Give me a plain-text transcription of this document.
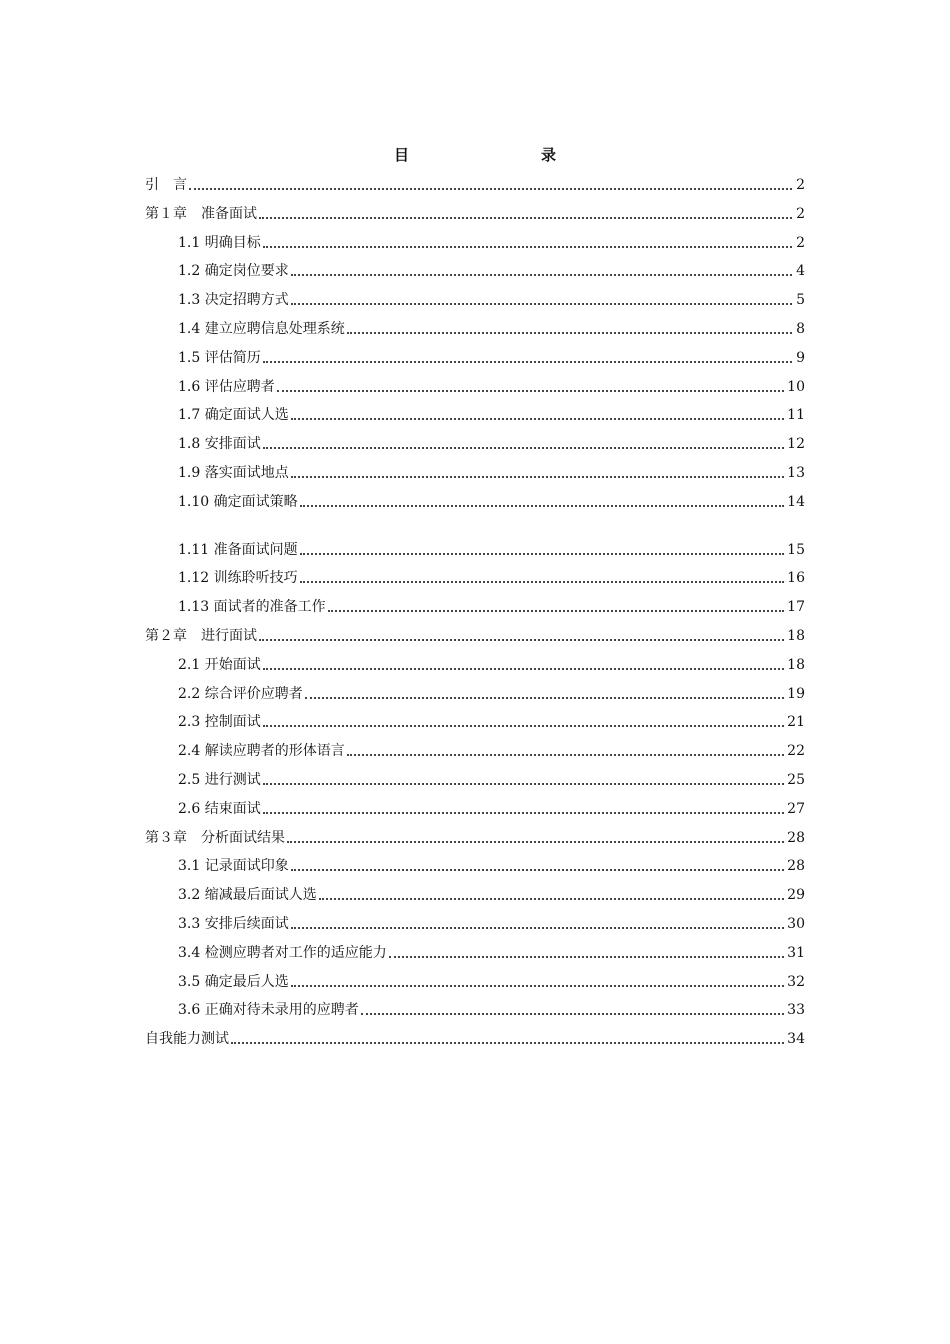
目　　录
引　言	2
第１章　准备面试	2
1.1 明确目标	2
1.2 确定岗位要求	4
1.3 决定招聘方式	5
1.4 建立应聘信息处理系统	8
1.5 评估简历	9
1.6 评估应聘者	10
1.7 确定面试人选	11
1.8 安排面试	12
1.9 落实面试地点	13
1.10 确定面试策略	14
1.11 准备面试问题	15
1.12 训练聆听技巧	16
1.13 面试者的准备工作	17
第２章　进行面试	18
2.1 开始面试	18
2.2 综合评价应聘者	19
2.3 控制面试	21
2.4 解读应聘者的形体语言	22
2.5 进行测试	25
2.6 结束面试	27
第３章　分析面试结果	28
3.1 记录面试印象	28
3.2 缩减最后面试人选	29
3.3 安排后续面试	30
3.4 检测应聘者对工作的适应能力	31
3.5 确定最后人选	32
3.6 正确对待未录用的应聘者	33
自我能力测试	34
